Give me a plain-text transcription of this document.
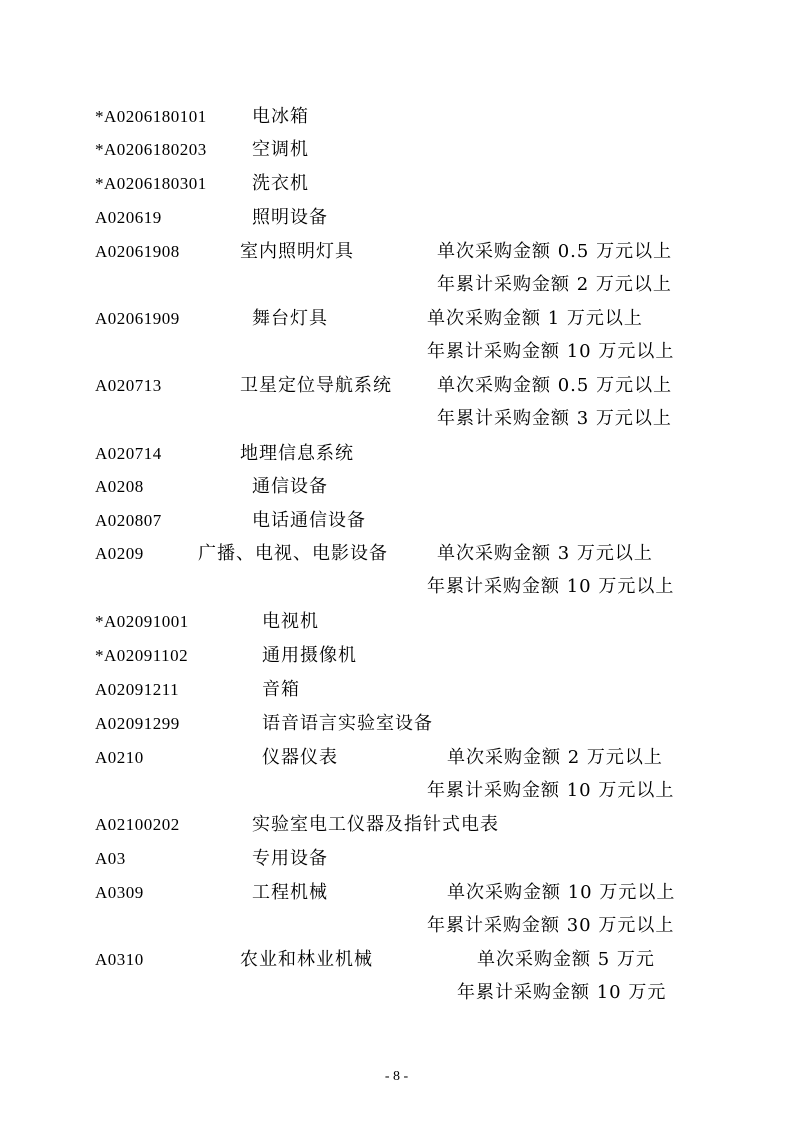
*A0206180101	电冰箱
*A0206180203	空调机
*A0206180301	洗衣机
A020619	照明设备
A02061908	室内照明灯具	单次采购金额 0.5 万元以上
年累计采购金额 2 万元以上
A02061909	舞台灯具	单次采购金额 1 万元以上
年累计采购金额 10 万元以上
A020713	卫星定位导航系统	单次采购金额 0.5 万元以上
年累计采购金额 3 万元以上
A020714	地理信息系统
A0208	通信设备
A020807	电话通信设备
A0209	广播、电视、电影设备	单次采购金额 3 万元以上
年累计采购金额 10 万元以上
*A02091001	电视机
*A02091102	通用摄像机
A02091211	音箱
A02091299	语音语言实验室设备
A0210	仪器仪表	单次采购金额 2 万元以上
年累计采购金额 10 万元以上
A02100202	实验室电工仪器及指针式电表
A03	专用设备
A0309	工程机械	单次采购金额 10 万元以上
年累计采购金额 30 万元以上
A0310	农业和林业机械	单次采购金额 5 万元
年累计采购金额 10 万元
- 8 -
